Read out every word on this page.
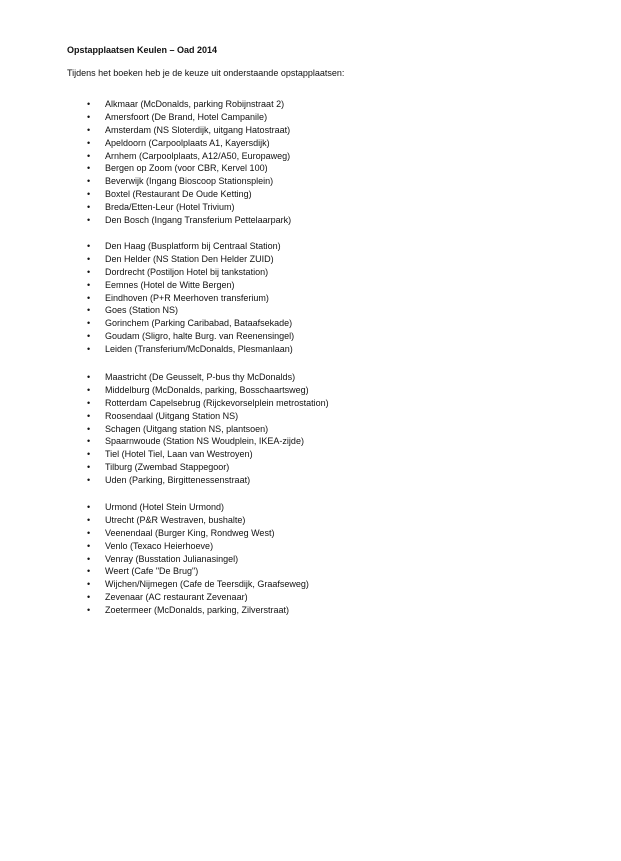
Opstapplaatsen Keulen – Oad 2014
Tijdens het boeken heb je de keuze uit onderstaande opstapplaatsen:
• Alkmaar (McDonalds, parking Robijnstraat 2)
• Amersfoort (De Brand, Hotel Campanile)
• Amsterdam (NS Sloterdijk, uitgang Hatostraat)
• Apeldoorn (Carpoolplaats A1, Kayersdijk)
• Arnhem (Carpoolplaats, A12/A50, Europaweg)
• Bergen op Zoom (voor CBR, Kervel 100)
• Beverwijk (Ingang Bioscoop Stationsplein)
• Boxtel (Restaurant De Oude Ketting)
• Breda/Etten-Leur (Hotel Trivium)
• Den Bosch (Ingang Transferium Pettelaarpark)
• Den Haag (Busplatform bij Centraal Station)
• Den Helder (NS Station Den Helder ZUID)
• Dordrecht (Postiljon Hotel bij tankstation)
• Eemnes (Hotel de Witte Bergen)
• Eindhoven (P+R Meerhoven transferium)
• Goes (Station NS)
• Gorinchem (Parking Caribabad, Bataafsekade)
• Goudam (Sligro, halte Burg. van Reenensingel)
• Leiden (Transferium/McDonalds, Plesmanlaan)
• Maastricht (De Geusselt, P-bus thy McDonalds)
• Middelburg (McDonalds, parking, Bosschaartsweg)
• Rotterdam Capelsebrug (Rijckevorselplein metrostation)
• Roosendaal (Uitgang Station NS)
• Schagen (Uitgang station NS, plantsoen)
• Spaarnwoude (Station NS Woudplein, IKEA-zijde)
• Tiel (Hotel Tiel, Laan van Westroyen)
• Tilburg (Zwembad Stappegoor)
• Uden (Parking, Birgittenessenstraat)
• Urmond (Hotel Stein Urmond)
• Utrecht (P&R Westraven, bushalte)
• Veenendaal (Burger King, Rondweg West)
• Venlo (Texaco Heierhoeve)
• Venray (Busstation Julianasingel)
• Weert (Cafe "De Brug")
• Wijchen/Nijmegen (Cafe de Teersdijk, Graafseweg)
• Zevenaar (AC restaurant Zevenaar)
• Zoetermeer (McDonalds, parking, Zilverstraat)
